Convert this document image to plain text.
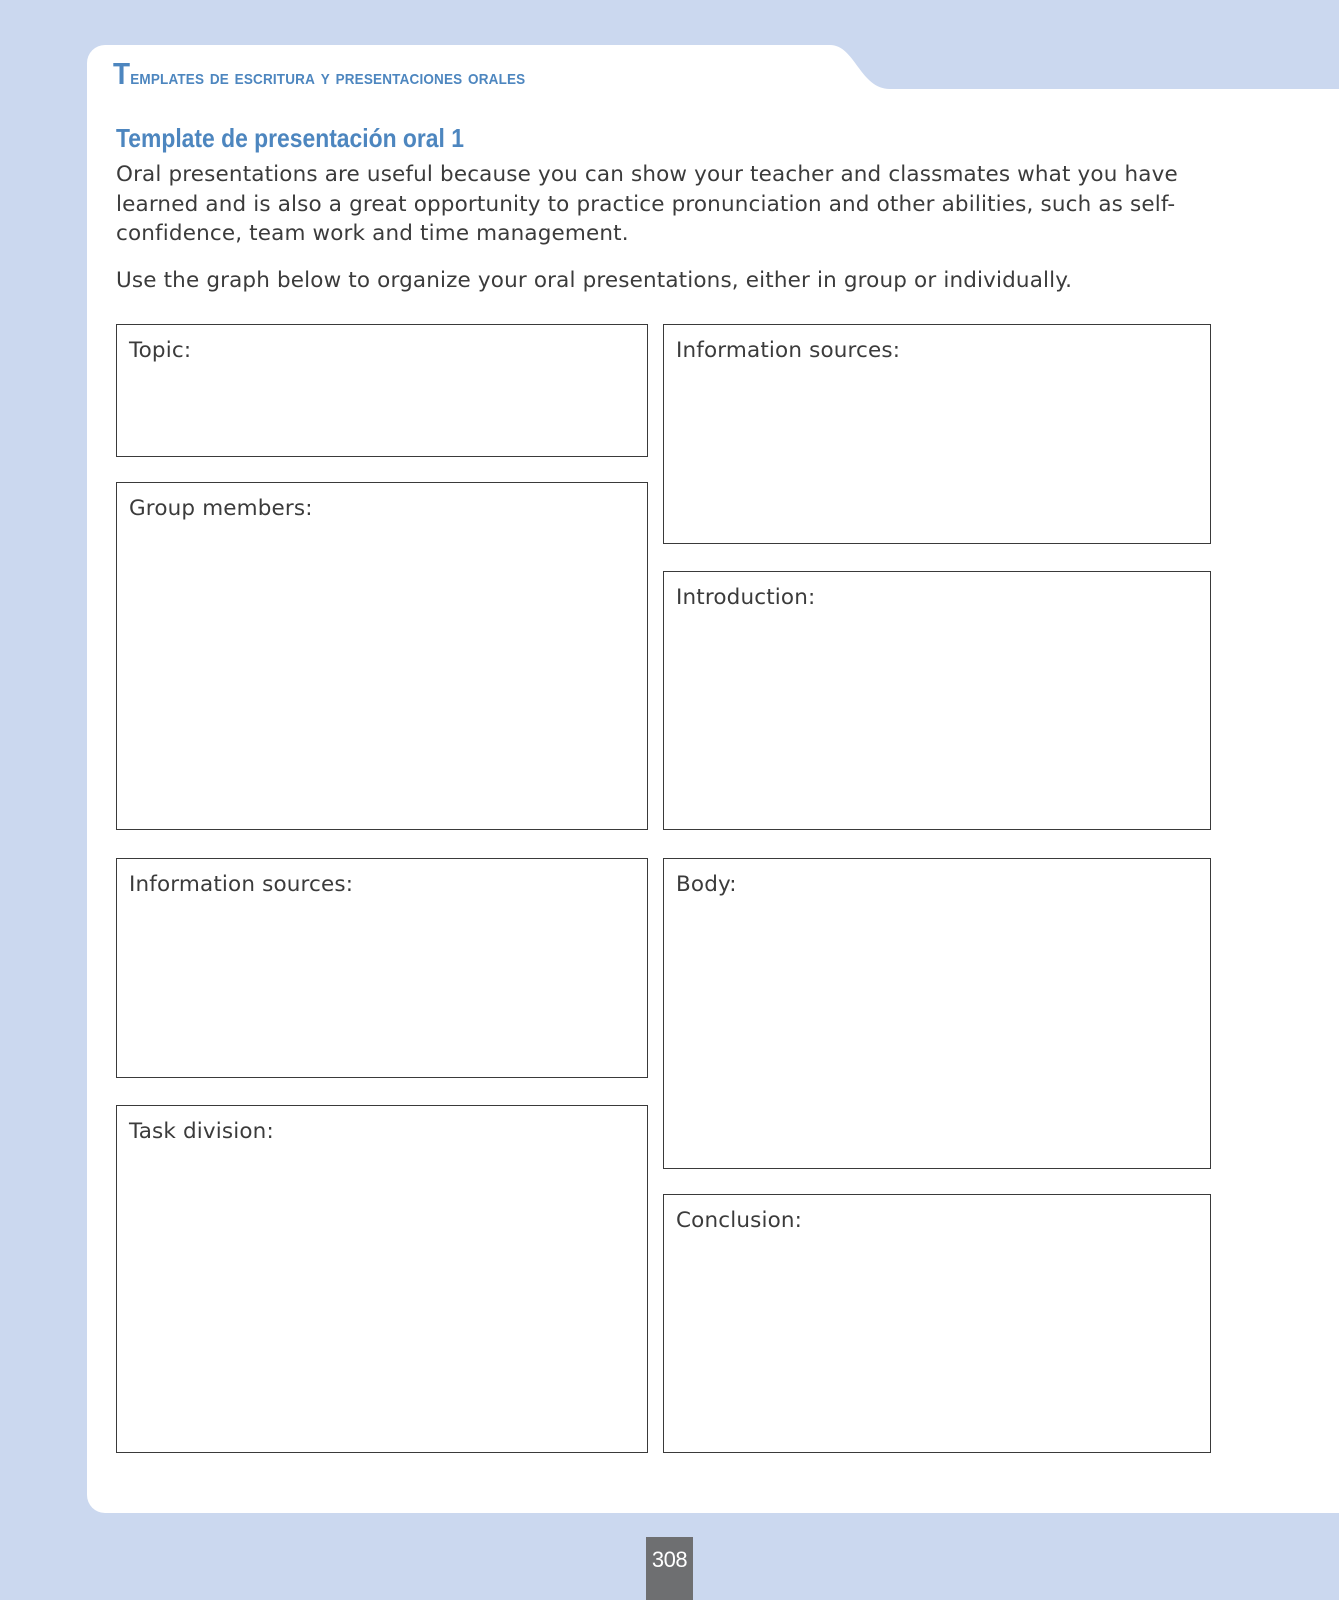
Templates de escritura y presentaciones orales
Template de presentación oral 1

Oral presentations are useful because you can show your teacher and classmates what you have learned and is also a great opportunity to practice pronunciation and other abilities, such as self-confidence, team work and time management.

Use the graph below to organize your oral presentations, either in group or individually.

Topic:
Group members:
Information sources:
Task division:
Information sources:
Introduction:
Body:
Conclusion:
308
